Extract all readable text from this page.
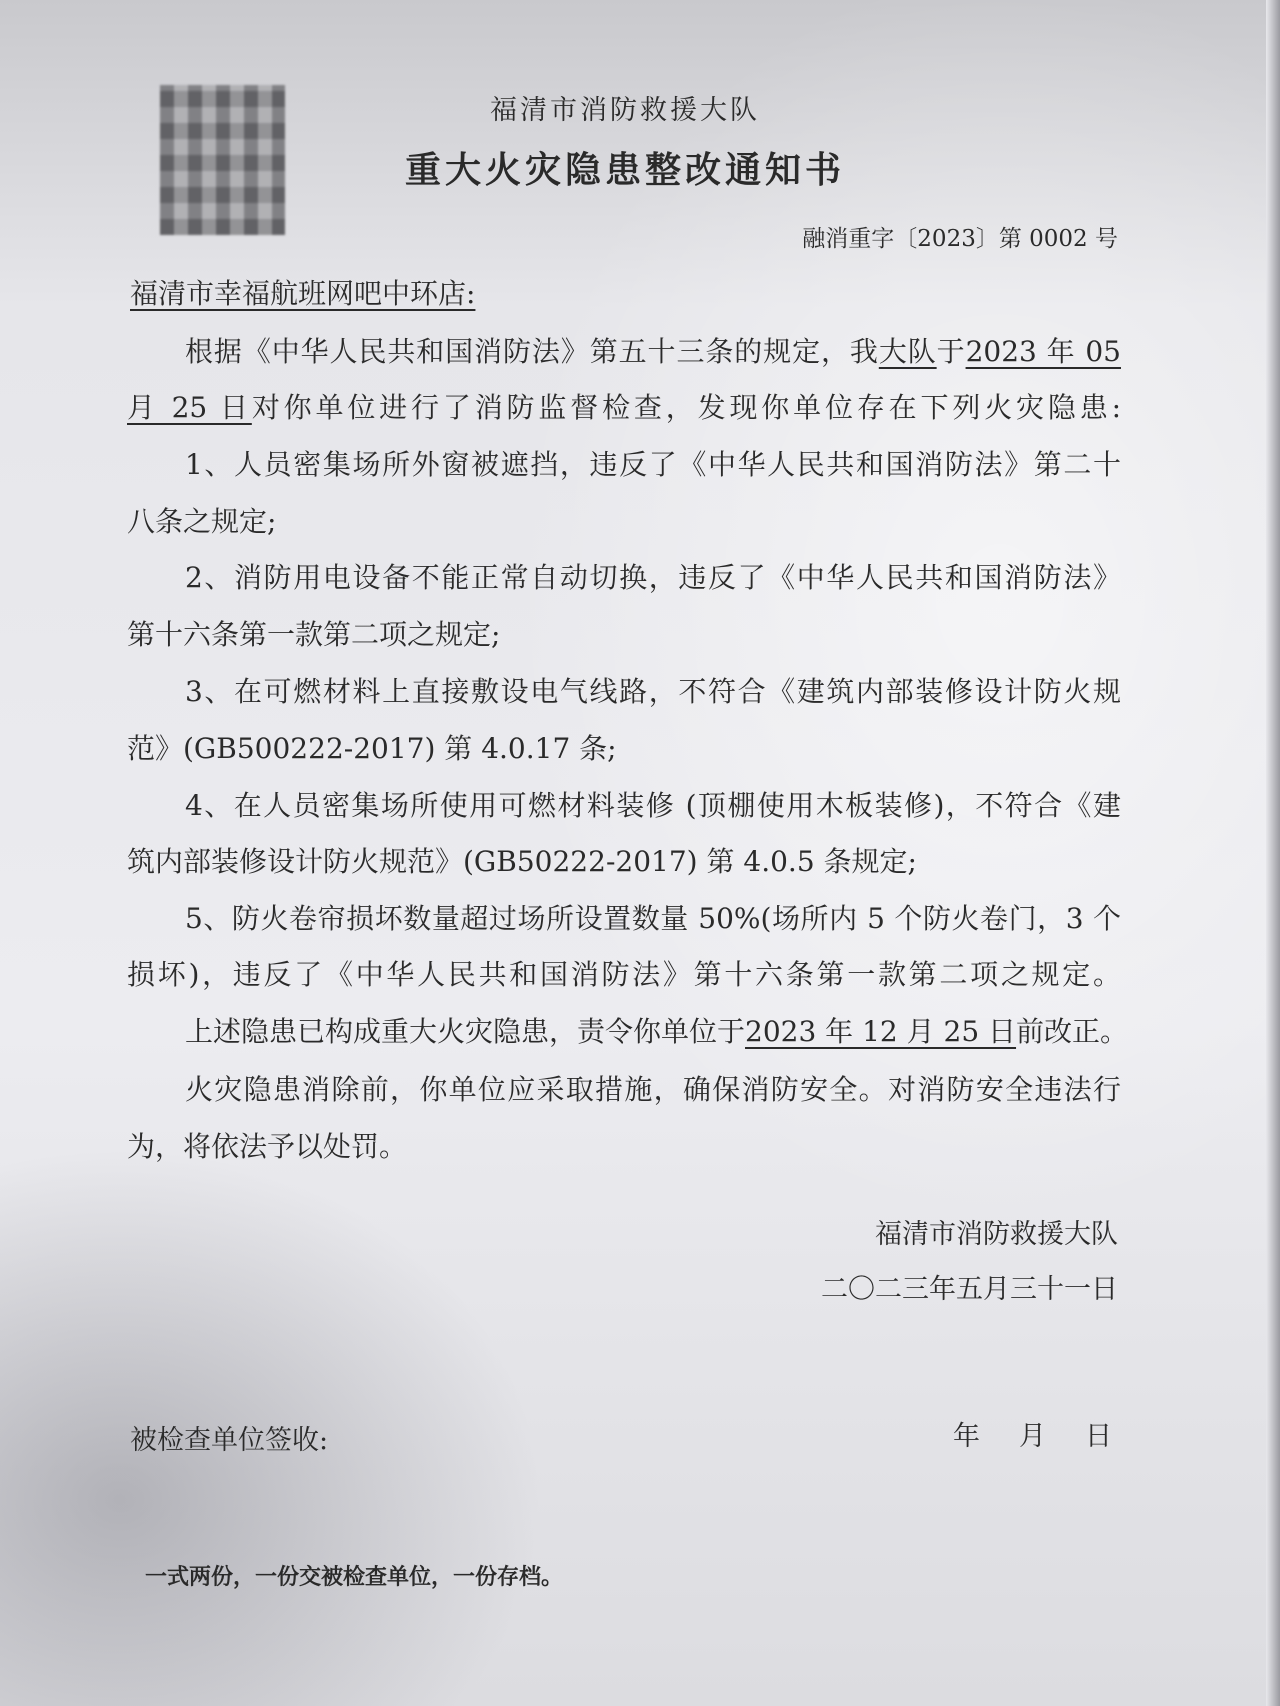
福清市消防救援大队
重大火灾隐患整改通知书
融消重字〔2023〕第 0002 号
福清市幸福航班网吧中环店:
根据《中华人民共和国消防法》第五十三条的规定，我大队于2023 年 05
月 25 日对你单位进行了消防监督检查，发现你单位存在下列火灾隐患:
1、人员密集场所外窗被遮挡，违反了《中华人民共和国消防法》第二十
八条之规定;
2、消防用电设备不能正常自动切换，违反了《中华人民共和国消防法》
第十六条第一款第二项之规定;
3、在可燃材料上直接敷设电气线路，不符合《建筑内部装修设计防火规
范》(GB500222-2017) 第 4.0.17 条;
4、在人员密集场所使用可燃材料装修 (顶棚使用木板装修)，不符合《建
筑内部装修设计防火规范》(GB50222-2017) 第 4.0.5 条规定;
5、防火卷帘损坏数量超过场所设置数量 50%(场所内 5 个防火卷门，3 个
损坏)，违反了《中华人民共和国消防法》第十六条第一款第二项之规定。
上述隐患已构成重大火灾隐患，责令你单位于2023 年 12 月 25 日前改正。
火灾隐患消除前，你单位应采取措施，确保消防安全。对消防安全违法行
为，将依法予以处罚。
福清市消防救援大队
二〇二三年五月三十一日
被检查单位签收:	年　月　日
一式两份，一份交被检查单位，一份存档。
